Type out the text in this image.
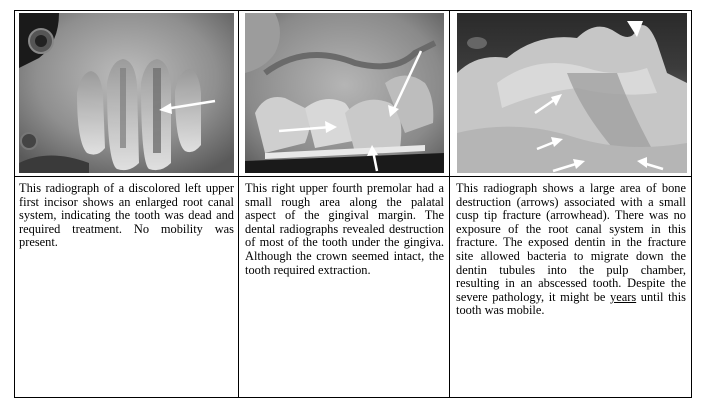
This radiograph of a discolored left upper first incisor shows an enlarged root canal system, indicating the tooth was dead and required treatment. No mobility was present.

This right upper fourth premolar had a small rough area along the palatal aspect of the gingival margin. The dental radiographs revealed destruction of most of the tooth under the gingiva. Although the crown seemed intact, the tooth required extraction.

This radiograph shows a large area of bone destruction (arrows) associated with a small cusp tip fracture (arrowhead). There was no exposure of the root canal system in this fracture. The exposed dentin in the fracture site allowed bacteria to migrate down the dentin tubules into the pulp chamber, resulting in an abscessed tooth. Despite the severe pathology, it might be years until this tooth was mobile.
